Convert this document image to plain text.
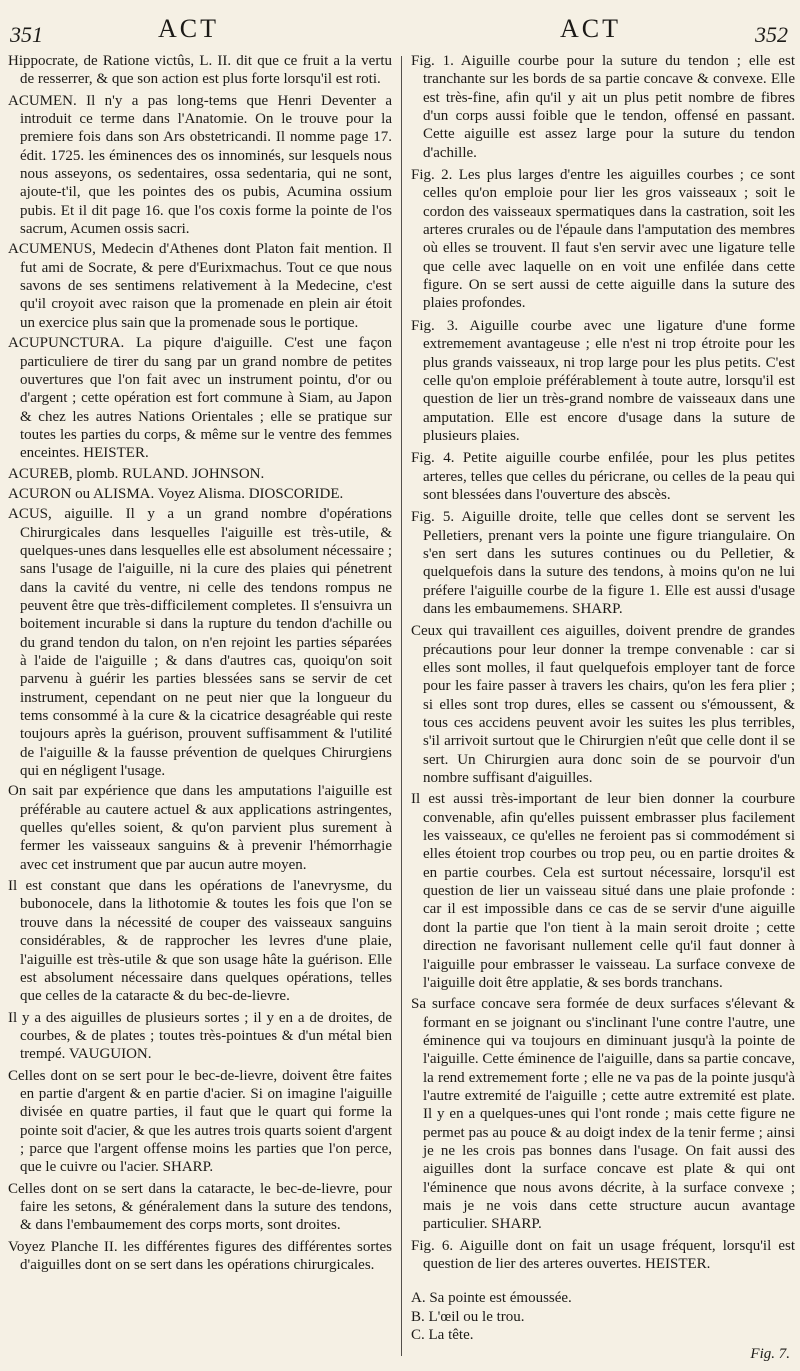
351	ACT	ACT	352

Hippocrate, de Ratione victûs, L. II. dit que ce fruit a la vertu de resserrer, & que son action est plus forte lorsqu'il est roti.

ACUMEN. Il n'y a pas long-tems que Henri Deventer a introduit ce terme dans l'Anatomie. On le trouve pour la premiere fois dans son Ars obstetricandi. Il nomme page 17. édit. 1725. les éminences des os innominés, sur lesquels nous nous asseyons, os sedentaires, ossa sedentaria, qui ne sont, ajoute-t'il, que les pointes des os pubis, Acumina ossium pubis. Et il dit page 16. que l'os coxis forme la pointe de l'os sacrum, Acumen ossis sacri.

ACUMENUS, Medecin d'Athenes dont Platon fait mention. Il fut ami de Socrate, & pere d'Eurixmachus. Tout ce que nous savons de ses sentimens relativement à la Medecine, c'est qu'il croyoit avec raison que la promenade en plein air étoit un exercice plus sain que la promenade sous le portique.

ACUPUNCTURA. La piqure d'aiguille. C'est une façon particuliere de tirer du sang par un grand nombre de petites ouvertures que l'on fait avec un instrument pointu, d'or ou d'argent ; cette opération est fort commune à Siam, au Japon & chez les autres Nations Orientales ; elle se pratique sur toutes les parties du corps, & même sur le ventre des femmes enceintes. HEISTER.

ACUREB, plomb. RULAND. JOHNSON.

ACURON ou ALISMA. Voyez Alisma. DIOSCORIDE.

ACUS, aiguille. Il y a un grand nombre d'opérations Chirurgicales dans lesquelles l'aiguille est très-utile, & quelques-unes dans lesquelles elle est absolument nécessaire ; sans l'usage de l'aiguille, ni la cure des plaies qui pénetrent dans la cavité du ventre, ni celle des tendons rompus ne peuvent être que très-difficilement completes. Il s'ensuivra un boitement incurable si dans la rupture du tendon d'achille ou du grand tendon du talon, on n'en rejoint les parties séparées à l'aide de l'aiguille ; & dans d'autres cas, quoiqu'on soit parvenu à guérir les parties blessées sans se servir de cet instrument, cependant on ne peut nier que la longueur du tems consommé à la cure & la cicatrice desagréable qui reste toujours après la guérison, prouvent suffisamment & l'utilité de l'aiguille & la fausse prévention de quelques Chirurgiens qui en négligent l'usage.

On sait par expérience que dans les amputations l'aiguille est préférable au cautere actuel & aux applications astringentes, quelles qu'elles soient, & qu'on parvient plus surement à fermer les vaisseaux sanguins & à prevenir l'hémorrhagie avec cet instrument que par aucun autre moyen.

Il est constant que dans les opérations de l'anevrysme, du bubonocele, dans la lithotomie & toutes les fois que l'on se trouve dans la nécessité de couper des vaisseaux sanguins considérables, & de rapprocher les levres d'une plaie, l'aiguille est très-utile & que son usage hâte la guérison. Elle est absolument nécessaire dans quelques opérations, telles que celles de la cataracte & du bec-de-lievre.

Il y a des aiguilles de plusieurs sortes ; il y en a de droites, de courbes, & de plates ; toutes très-pointues & d'un métal bien trempé. VAUGUION.

Celles dont on se sert pour le bec-de-lievre, doivent être faites en partie d'argent & en partie d'acier. Si on imagine l'aiguille divisée en quatre parties, il faut que le quart qui forme la pointe soit d'acier, & que les autres trois quarts soient d'argent ; parce que l'argent offense moins les parties que l'on perce, que le cuivre ou l'acier. SHARP.

Celles dont on se sert dans la cataracte, le bec-de-lievre, pour faire les setons, & généralement dans la suture des tendons, & dans l'embaumement des corps morts, sont droites.

Voyez Planche II. les différentes figures des différentes sortes d'aiguilles dont on se sert dans les opérations chirurgicales.

Fig. 1. Aiguille courbe pour la suture du tendon ; elle est tranchante sur les bords de sa partie concave & convexe. Elle est très-fine, afin qu'il y ait un plus petit nombre de fibres d'un corps aussi foible que le tendon, offensé en passant. Cette aiguille est assez large pour la suture du tendon d'achille.

Fig. 2. Les plus larges d'entre les aiguilles courbes ; ce sont celles qu'on emploie pour lier les gros vaisseaux ; soit le cordon des vaisseaux spermatiques dans la castration, soit les arteres crurales ou de l'épaule dans l'amputation des membres où elles se trouvent. Il faut s'en servir avec une ligature telle que celle avec laquelle on en voit une enfilée dans cette figure. On se sert aussi de cette aiguille dans la suture des plaies profondes.

Fig. 3. Aiguille courbe avec une ligature d'une forme extremement avantageuse ; elle n'est ni trop étroite pour les plus grands vaisseaux, ni trop large pour les plus petits. C'est celle qu'on emploie préférablement à toute autre, lorsqu'il est question de lier un très-grand nombre de vaisseaux dans une amputation. Elle est encore d'usage dans la suture de plusieurs plaies.

Fig. 4. Petite aiguille courbe enfilée, pour les plus petites arteres, telles que celles du péricrane, ou celles de la peau qui sont blessées dans l'ouverture des abscès.

Fig. 5. Aiguille droite, telle que celles dont se servent les Pelletiers, prenant vers la pointe une figure triangulaire. On s'en sert dans les sutures continues ou du Pelletier, & quelquefois dans la suture des tendons, à moins qu'on ne lui préfere l'aiguille courbe de la figure 1. Elle est aussi d'usage dans les embaumemens. SHARP.

Ceux qui travaillent ces aiguilles, doivent prendre de grandes précautions pour leur donner la trempe convenable : car si elles sont molles, il faut quelquefois employer tant de force pour les faire passer à travers les chairs, qu'on les fera plier ; si elles sont trop dures, elles se cassent ou s'émoussent, & tous ces accidens peuvent avoir les suites les plus terribles, s'il arrivoit surtout que le Chirurgien n'eût que celle dont il se sert. Un Chirurgien aura donc soin de se pourvoir d'un nombre suffisant d'aiguilles.

Il est aussi très-important de leur bien donner la courbure convenable, afin qu'elles puissent embrasser plus facilement les vaisseaux, ce qu'elles ne feroient pas si commodément si elles étoient trop courbes ou trop peu, ou en partie droites & en partie courbes. Cela est surtout nécessaire, lorsqu'il est question de lier un vaisseau situé dans une plaie profonde : car il est impossible dans ce cas de se servir d'une aiguille dont la partie que l'on tient à la main seroit droite ; cette direction ne favorisant nullement celle qu'il faut donner à l'aiguille pour embrasser le vaisseau. La surface convexe de l'aiguille doit être applatie, & ses bords tranchans.

Sa surface concave sera formée de deux surfaces s'élevant & formant en se joignant ou s'inclinant l'une contre l'autre, une éminence qui va toujours en diminuant jusqu'à la pointe de l'aiguille. Cette éminence de l'aiguille, dans sa partie concave, la rend extremement forte ; elle ne va pas de la pointe jusqu'à l'autre extremité de l'aiguille ; cette autre extremité est plate. Il y en a quelques-unes qui l'ont ronde ; mais cette figure ne permet pas au pouce & au doigt index de la tenir ferme ; ainsi je ne les crois pas bonnes dans l'usage. On fait aussi des aiguilles dont la surface concave est plate & qui ont l'éminence que nous avons décrite, à la surface convexe ; mais je ne vois dans cette structure aucun avantage particulier. SHARP.

Fig. 6. Aiguille dont on fait un usage fréquent, lorsqu'il est question de lier des arteres ouvertes. HEISTER.

A. Sa pointe est émoussée.

B. L'œil ou le trou.

C. La tête.

Fig. 7.
